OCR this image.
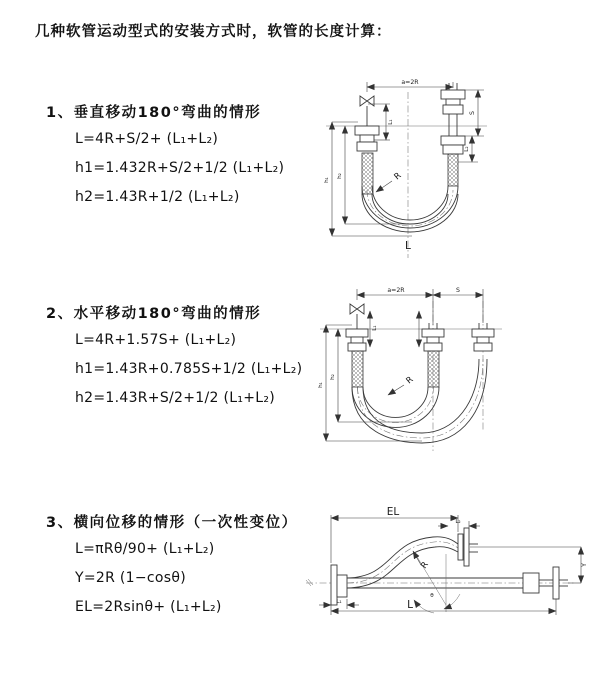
几种软管运动型式的安装方式时，软管的长度计算：
1、垂直移动180°弯曲的情形
L=4R+S/2+ (L₁+L₂)
h1=1.432R+S/2+1/2 (L₁+L₂)
h2=1.43R+1/2 (L₁+L₂)
2、水平移动180°弯曲的情形
L=4R+1.57S+ (L₁+L₂)
h1=1.43R+0.785S+1/2 (L₁+L₂)
h2=1.43R+S/2+1/2 (L₁+L₂)
3、横向位移的情形（一次性变位）
L=πRθ/90+ (L₁+L₂)
Y=2R (1−cosθ)
EL=2Rsinθ+ (L₁+L₂)
a=2R
S
L₂
L₁
h₁
h₂	R
L
a=2R	S
L₁
h₁
h₂	R
θ
R
EL
L₂
Y
L
L₁
